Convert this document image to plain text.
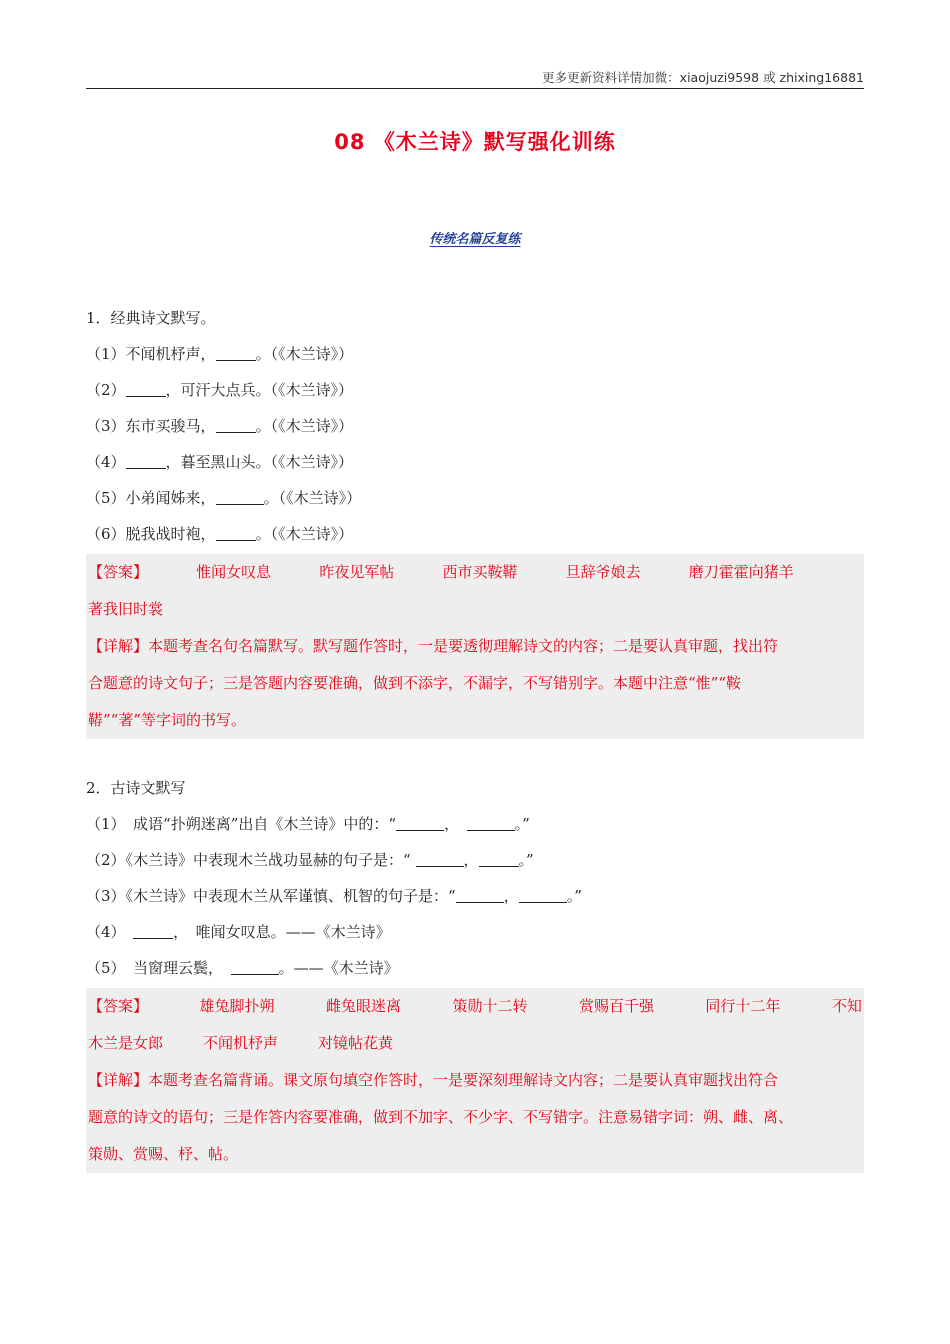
更多更新资料详情加微：xiaojuzi9598 或 zhixing16881
08 《木兰诗》默写强化训练
传统名篇反复练
1．经典诗文默写。
（1）不闻机杼声，	。（《木兰诗》）
（2）	，可汗大点兵。（《木兰诗》）
（3）东市买骏马，	。（《木兰诗》）
（4）	，暮至黑山头。（《木兰诗》）
（5）小弟闻姊来，	。（《木兰诗》）
（6）脱我战时袍，	。（《木兰诗》）
【答案】	惟闻女叹息	昨夜见军帖	西市买鞍鞯	旦辞爷娘去	磨刀霍霍向猪羊
著我旧时裳
【详解】本题考查名句名篇默写。默写题作答时，一是要透彻理解诗文的内容；二是要认真审题，找出符
合题意的诗文句子；三是答题内容要准确，做到不添字，不漏字，不写错别字。本题中注意“惟”“鞍
鞯”“著”等字词的书写。
2．古诗文默写
（1）　成语“扑朔迷离”出自《木兰诗》中的：“	，　	。”
（2）《木兰诗》中表现木兰战功显赫的句子是：“	，	。”
（3）《木兰诗》中表现木兰从军谨慎、机智的句子是：“	，	。”
（4）　	，　唯闻女叹息。——《木兰诗》
（5）　当窗理云鬓，　	。——《木兰诗》
【答案】	雄兔脚扑朔	雌兔眼迷离	策勋十二转	赏赐百千强	同行十二年	不知
木兰是女郎	不闻机杼声	对镜帖花黄
【详解】本题考查名篇背诵。课文原句填空作答时，一是要深刻理解诗文内容；二是要认真审题找出符合
题意的诗文的语句；三是作答内容要准确，做到不加字、不少字、不写错字。注意易错字词：朔、雌、离、
策勋、赏赐、杼、帖。
